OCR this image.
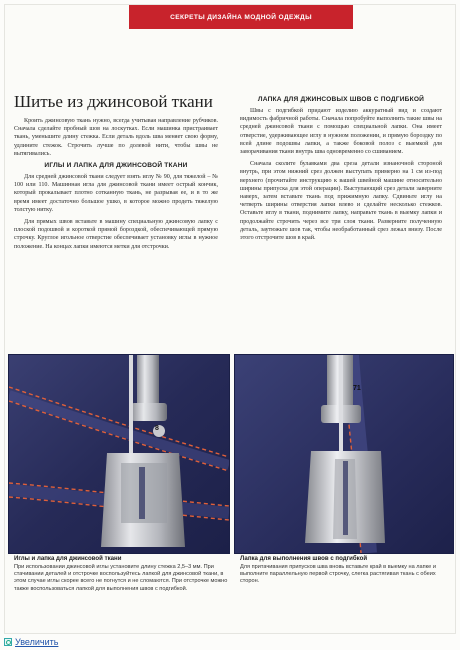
СЕКРЕТЫ ДИЗАЙНА МОДНОЙ ОДЕЖДЫ
Шитье из джинсовой ткани

Кроить джинсовую ткань нужно, всегда учитывая направление рубчиков. Сначала сделайте пробный шов на лоскутках. Если машинка пристраивает ткань, уменьшите длину стежка. Если деталь вдоль шва меняет свою форму, удлините стежок. Строчить лучше по долевой нити, чтобы швы не вытягивались.

ИГЛЫ И ЛАПКА ДЛЯ ДЖИНСОВОЙ ТКАНИ

Для средней джинсовой ткани следует взять иглу № 90, для тяжелой – № 100 или 110. Машинная игла для джинсовой ткани имеет острый кончик, который прокалывает плотно сотканную ткань, не разрывая ее, и в то же время имеет достаточно большое ушко, в которое можно продеть тяжелую толстую нитку.

Для прямых швов вставьте в машину специальную джинсовую лапку с плоской подошвой и короткой прямой бороздкой, обеспечивающей прямую строчку. Круглое игольное отверстие обеспечивает установку иглы в нужное положение. На концах лапки имеются метки для отстрочки.

ЛАПКА ДЛЯ ДЖИНСОВЫХ ШВОВ С ПОДГИБКОЙ

Швы с подгибкой придают изделию аккуратный вид и создают видимость фабричной работы. Сначала попробуйте выполнить такие швы на средней джинсовой ткани с помощью специальной лапки. Она имеет отверстие, удерживающее иглу в нужном положении, и прямую бороздку по всей длине подошвы лапки, а также боковой полоз с выемкой для заворачивания ткани внутрь шва одновременно со сшиванием.

Сначала сколите булавками два среза детали изнаночной стороной внутрь, при этом нижний срез должен выступать примерно на 1 см из-под верхнего (прочитайте инструкцию к вашей швейной машине относительно ширины припуска для этой операции). Выступающий срез детали заверните наверх, затем вставьте ткань под прижимную лапку. Сдвиньте иглу на четверть ширины отверстия лапки влево и сделайте несколько стежков. Оставьте иглу в ткани, поднимите лапку, направьте ткань в выемку лапки и продолжайте строчить через все три слоя ткани. Разверните полученную деталь, заутюжьте шов так, чтобы необработанный срез лежал внизу. После этого отстрочите шов в край.

8
71

Иглы и лапка для джинсовой ткани

При использовании джинсовой иглы установите длину стежка 2,5–3 мм. При стачивании деталей и отстрочке воспользуйтесь лапкой для джинсовой ткани, в этом случае иглы скорее всего не погнутся и не сломаются. При отстрочке можно также воспользоваться лапкой для выполнения швов с подгибкой.

Лапка для выполнения швов с подгибкой

Для притачивания припусков шва вновь вставьте край в выемку на лапке и выполните параллельную первой строчку, слегка растягивая ткань с обеих сторон.

Увеличить
